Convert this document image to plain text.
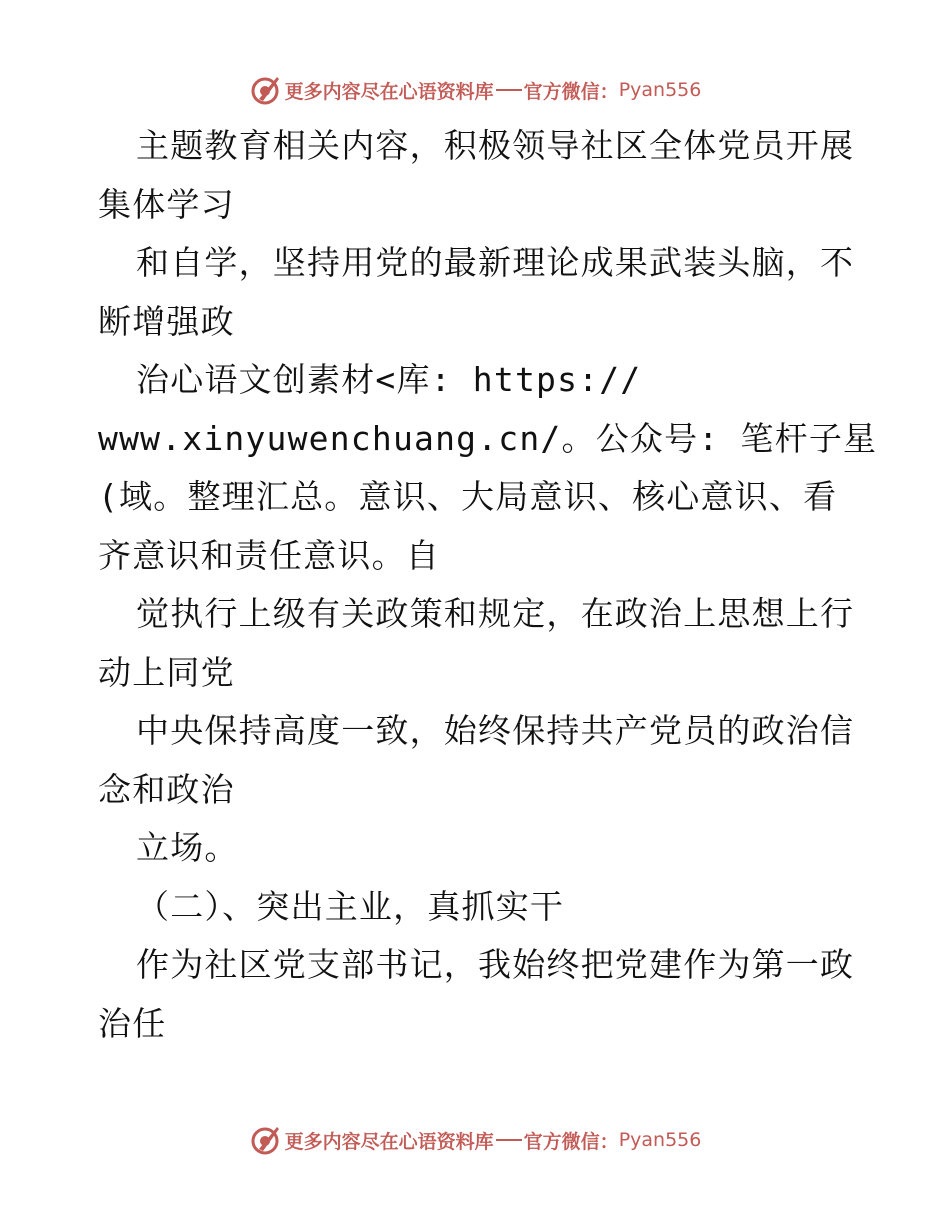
更多内容尽在心语资料库 官方微信： Pyan556
主题教育相关内容，积极领导社区全体党员开展
集体学习
和自学，坚持用党的最新理论成果武装头脑，不
断增强政
治心语文创素材<库: https://
www.xinyuwenchuang.cn/。公众号: 笔杆子星
(域。整理汇总。意识、大局意识、核心意识、看
齐意识和责任意识。自
觉执行上级有关政策和规定，在政治上思想上行
动上同党
中央保持高度一致，始终保持共产党员的政治信
念和政治
立场。
（二）、突出主业，真抓实干
作为社区党支部书记，我始终把党建作为第一政
治任
更多内容尽在心语资料库 官方微信： Pyan556
